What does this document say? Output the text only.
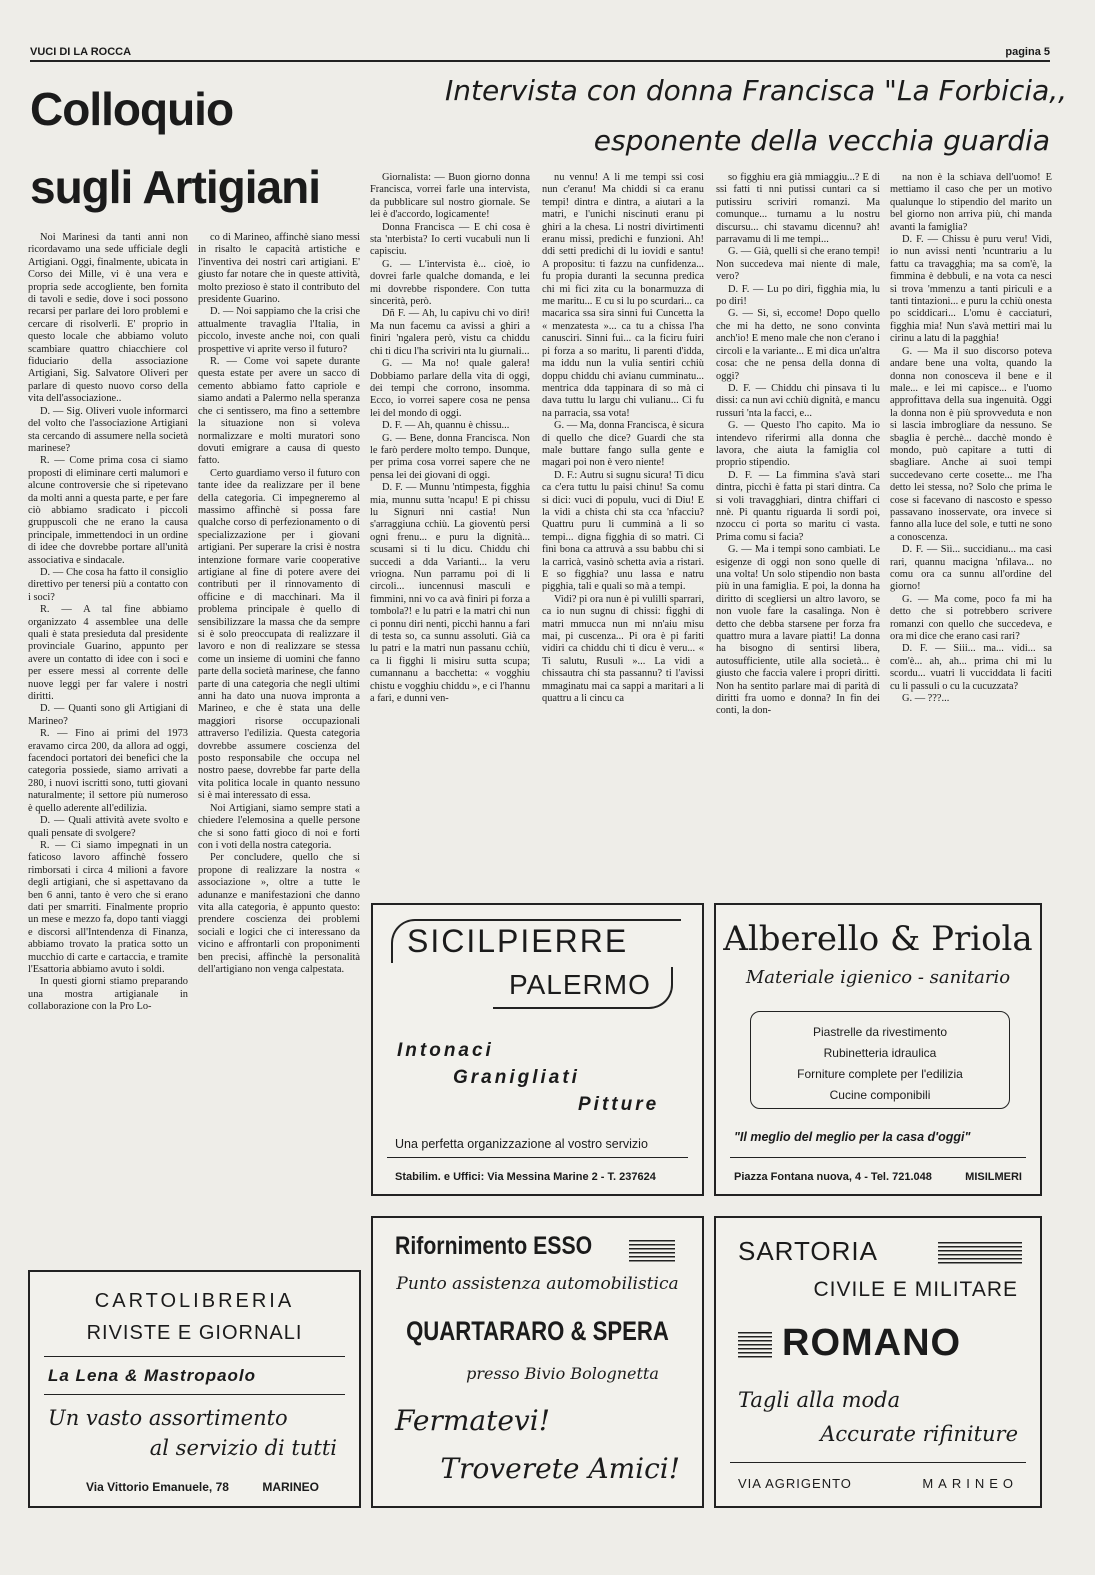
VUCI DI LA ROCCA	pagina 5
Colloquio
sugli Artigiani
Intervista con donna Francisca "La Forbicia,,
esponente della vecchia guardia

Noi Marinesi da tanti anni non ricordavamo una sede ufficiale degli Artigiani. Oggi, finalmente, ubicata in Corso dei Mille, vi è una vera e propria sede accogliente, ben fornita di tavoli e sedie, dove i soci possono recarsi per parlare dei loro problemi e cercare di risolverli. E' proprio in questo locale che abbiamo voluto scambiare quattro chiacchiere col fiduciario della associazione Artigiani, Sig. Salvatore Oliveri per parlare di questo nuovo corso della vita dell'associazione..

D. — Sig. Oliveri vuole informarci del volto che l'associazione Artigiani sta cercando di assumere nella società marinese?

R. — Come prima cosa ci siamo proposti di eliminare certi malumori e alcune controversie che si ripetevano da molti anni a questa parte, e per fare ciò abbiamo sradicato i piccoli gruppuscoli che ne erano la causa principale, immettendoci in un ordine di idee che dovrebbe portare all'unità associativa e sindacale.

D. — Che cosa ha fatto il consiglio direttivo per tenersi più a contatto con i soci?

R. — A tal fine abbiamo organizzato 4 assemblee una delle quali è stata presieduta dal presidente provinciale Guarino, appunto per avere un contatto di idee con i soci e per essere messi al corrente delle nuove leggi per far valere i nostri diritti.

D. — Quanti sono gli Artigiani di Marineo?

R. — Fino ai primi del 1973 eravamo circa 200, da allora ad oggi, facendoci portatori dei benefici che la categoria possiede, siamo arrivati a 280, i nuovi iscritti sono, tutti giovani naturalmente; il settore più numeroso è quello aderente all'edilizia.

D. — Quali attività avete svolto e quali pensate di svolgere?

R. — Ci siamo impegnati in un faticoso lavoro affinchè fossero rimborsati i circa 4 milioni a favore degli artigiani, che si aspettavano da ben 6 anni, tanto è vero che si erano dati per smarriti. Finalmente proprio un mese e mezzo fa, dopo tanti viaggi e discorsi all'Intendenza di Finanza, abbiamo trovato la pratica sotto un mucchio di carte e cartaccia, e tramite l'Esattoria abbiamo avuto i soldi.

In questi giorni stiamo preparando una mostra artigianale in collaborazione con la Pro Lo-

co di Marineo, affinchè siano messi in risalto le capacità artistiche e l'inventiva dei nostri carì artigiani. E' giusto far notare che in queste attività, molto prezioso è stato il contributo del presidente Guarino.

D. — Noi sappiamo che la crisi che attualmente travaglia l'Italia, in piccolo, investe anche noi, con quali prospettive vi aprite verso il futuro?

R. — Come voi sapete durante questa estate per avere un sacco di cemento abbiamo fatto capriole e siamo andati a Palermo nella speranza che ci sentissero, ma fino a settembre la situazione non si voleva normalizzare e molti muratori sono dovuti emigrare a causa di questo fatto.

Certo guardiamo verso il futuro con tante idee da realizzare per il bene della categoria. Ci impegneremo al massimo affinchè si possa fare qualche corso di perfezionamento o di specializzazione per i giovani artigiani. Per superare la crisi è nostra intenzione formare varie cooperative artigiane al fine di potere avere dei contributi per il rinnovamento di officine e di macchinari. Ma il problema principale è quello di sensibilizzare la massa che da sempre si è solo preoccupata di realizzare il lavoro e non di realizzare se stessa come un insieme di uomini che fanno parte della società marinese, che fanno parte di una categoria che negli ultimi anni ha dato una nuova impronta a Marineo, e che è stata una delle maggiori risorse occupazionali attraverso l'edilizia. Questa categoria dovrebbe assumere coscienza del posto responsabile che occupa nel nostro paese, dovrebbe far parte della vita politica locale in quanto nessuno si è mai interessato di essa.

Noi Artigiani, siamo sempre stati a chiedere l'elemosina a quelle persone che si sono fatti gioco di noi e forti con i voti della nostra categoria.

Per concludere, quello che si propone di realizzare la nostra « associazione », oltre a tutte le adunanze e manifestazioni che danno vita alla categoria, è appunto questo: prendere coscienza dei problemi sociali e logici che ci interessano da vicino e affrontarli con proponimenti ben precisi, affinchè la personalità dell'artigiano non venga calpestata.

Giornalista: — Buon giorno donna Francisca, vorrei farle una intervista, da pubblicare sul nostro giornale. Se lei è d'accordo, logicamente!

Donna Francisca — E chi cosa è sta 'nterbista? Io certi vucabuli nun li capisciu.

G. — L'intervista è... cioè, io dovrei farle qualche domanda, e lei mi dovrebbe rispondere. Con tutta sincerità, però.

Dñ F. — Ah, lu capivu chi vo diri! Ma nun facemu ca avissi a ghiri a finiri 'ngalera però, vistu ca chiddu chi ti dicu l'ha scriviri nta lu giurnali...

G. — Ma no! quale galera! Dobbiamo parlare della vita di oggi, dei tempi che corrono, insomma. Ecco, io vorrei sapere cosa ne pensa lei del mondo di oggi.

D. F. — Ah, quannu è chissu...

G. — Bene, donna Francisca. Non le farò perdere molto tempo. Dunque, per prima cosa vorrei sapere che ne pensa lei dei giovani di oggi.

D. F. — Munnu 'ntimpesta, figghia mia, munnu sutta 'ncapu! E pi chissu lu Signuri nni castia! Nun s'arraggiuna cchiù. La gioventù persi ogni frenu... e puru la dignità... scusami si ti lu dicu. Chiddu chi succedi a dda Varianti... la veru vriogna. Nun parramu poi di li circoli... iuncennusi masculi e fimmini, nni vo ca avà finiri pi forza a tombola?! e lu patri e la matri chi nun ci ponnu diri nenti, picchì hannu a fari di testa so, ca sunnu assoluti. Già ca lu patri e la matri nun passanu cchiù, ca li figghi li misiru sutta scupa; cumannanu a bacchetta: « vogghiu chistu e vogghiu chiddu », e ci l'hannu a fari, e dunni ven-

nu vennu! A li me tempi ssi cosi nun c'eranu! Ma chiddi si ca eranu tempi! dintra e dintra, a aiutari a la matri, e l'unichi niscinuti eranu pi ghiri a la chesa. Li nostri divirtimenti eranu missi, predichi e funzioni. Ah! ddi setti predichi di lu iovidi e santu! A propositu: ti fazzu na cunfidenza... fu propia duranti la secunna predica chi mi fici zita cu la bonarmuzza di me maritu... E cu si lu po scurdari... ca macarica ssa sira sinni fui Cuncetta la « menzatesta »... ca tu a chissa l'ha canusciri. Sinni fui... ca la ficiru fuiri pi forza a so maritu, li parenti d'idda, ma iddu nun la vulia sentiri cchiù doppu chiddu chi avianu cumminatu... mentrica dda tappinara di so mà ci dava tuttu lu largu chi vulianu... Ci fu na parracia, ssa vota!

G. — Ma, donna Francisca, è sicura di quello che dice? Guardi che sta male buttare fango sulla gente e magari poi non è vero niente!

D. F.: Autru si sugnu sicura! Ti dicu ca c'era tuttu lu paisi chinu! Sa comu si dici: vuci di populu, vuci di Diu! E la vidi a chista chi sta cca 'nfacciu? Quattru puru li cumminà a li so tempi... digna figghia di so matri. Ci finì bona ca attruvà a ssu babbu chi si la carricà, vasinò schetta avia a ristari. E so figghia? unu lassa e natru pigghia, tali e quali so mà a tempi.

Vidi? pi ora nun è pi vulilli sparrari, ca io nun sugnu di chissi: figghi di matri mmucca nun mi nn'aiu misu mai, pi cuscenza... Pi ora è pi fariti vidiri ca chiddu chi ti dicu è veru... « Ti salutu, Rusulì »... La vidi a chissautra chi sta passannu? ti l'avissi mmaginatu mai ca sappi a maritari a li quattru a li cincu ca

so figghiu era già mmiaggiu...? E di ssi fatti ti nni putissi cuntari ca si putissiru scriviri romanzi. Ma comunque... turnamu a lu nostru discursu... chi stavamu dicennu? ah! parravamu di li me tempi...

G. — Già, quelli si che erano tempi! Non succedeva mai niente di male, vero?

D. F. — Lu po diri, figghia mia, lu po diri!

G. — Sì, sì, eccome! Dopo quello che mi ha detto, ne sono convinta anch'io! E meno male che non c'erano i circoli e la variante... E mi dica un'altra cosa: che ne pensa della donna di oggi?

D. F. — Chiddu chi pinsava ti lu dissi: ca nun avi cchiù dignità, e mancu russuri 'nta la facci, e...

G. — Questo l'ho capito. Ma io intendevo riferirmi alla donna che lavora, che aiuta la famiglia col proprio stipendio.

D. F. — La fimmina s'avà stari dintra, picchì è fatta pi stari dintra. Ca si voli travagghiari, dintra chiffari ci nnè. Pi quantu riguarda li sordi poi, nzoccu ci porta so maritu ci vasta. Prima comu si facia?

G. — Ma i tempi sono cambiati. Le esigenze di oggi non sono quelle di una volta! Un solo stipendio non basta più in una famiglia. E poi, la donna ha diritto di scegliersi un altro lavoro, se non vuole fare la casalinga. Non è detto che debba starsene per forza fra quattro mura a lavare piatti! La donna ha bisogno di sentirsi libera, autosufficiente, utile alla società... è giusto che faccia valere i propri diritti. Non ha sentito parlare mai di parità di diritti fra uomo e donna? In fin dei conti, la don-

na non è la schiava dell'uomo! E mettiamo il caso che per un motivo qualunque lo stipendio del marito un bel giorno non arriva più, chi manda avanti la famiglia?

D. F. — Chissu è puru veru! Vidi, io nun avissi nenti 'ncuntrariu a lu fattu ca travagghia; ma sa com'è, la fimmina è debbuli, e na vota ca nesci si trova 'mmenzu a tanti piriculi e a tanti tintazioni... e puru la cchiù onesta po sciddicari... L'omu è cacciaturi, figghia mia! Nun s'avà mettiri mai lu cirinu a latu di la pagghia!

G. — Ma il suo discorso poteva andare bene una volta, quando la donna non conosceva il bene e il male... e lei mi capisce... e l'uomo approfittava della sua ingenuità. Oggi la donna non è più sprovveduta e non si lascia imbrogliare da nessuno. Se sbaglia è perchè... dacchè mondo è mondo, può capitare a tutti di sbagliare. Anche ai suoi tempi succedevano certe cosette... me l'ha detto lei stessa, no? Solo che prima le cose si facevano di nascosto e spesso passavano inosservate, ora invece si fanno alla luce del sole, e tutti ne sono a conoscenza.

D. F. — Sìì... succidianu... ma casi rari, quannu macigna 'nfilava... no comu ora ca sunnu all'ordine del giorno!

G. — Ma come, poco fa mi ha detto che si potrebbero scrivere romanzi con quello che succedeva, e ora mi dice che erano casi rari?

D. F. — Siii... ma... vidi... sa com'è... ah, ah... prima chi mi lu scordu... vuatri li vucciddata li faciti cu li passuli o cu la cucuzzata?

G. — ???...

SICILPIERRE
PALERMO
Intonaci
Granigliati
Pitture
Una perfetta organizzazione al vostro servizio
Stabilim. e Uffici: Via Messina Marine 2 - T. 237624
Alberello & Priola
Materiale igienico - sanitario
Piastrelle da rivestimento
Rubinetteria idraulica
Forniture complete per l'edilizia
Cucine componibili
"Il meglio del meglio per la casa d'oggi"
Piazza Fontana nuova, 4 - Tel. 721.048	MISILMERI
CARTOLIBRERIA
RIVISTE E GIORNALI
La Lena & Mastropaolo
Un vasto assortimento
al servizio di tutti
Via Vittorio Emanuele, 78	MARINEO
Rifornimento ESSO
Punto assistenza automobilistica
QUARTARARO & SPERA
presso Bivio Bolognetta
Fermatevi!
Troverete Amici!
SARTORIA
CIVILE E MILITARE
ROMANO
Tagli alla moda
Accurate rifiniture
VIA AGRIGENTO	MARINEO
